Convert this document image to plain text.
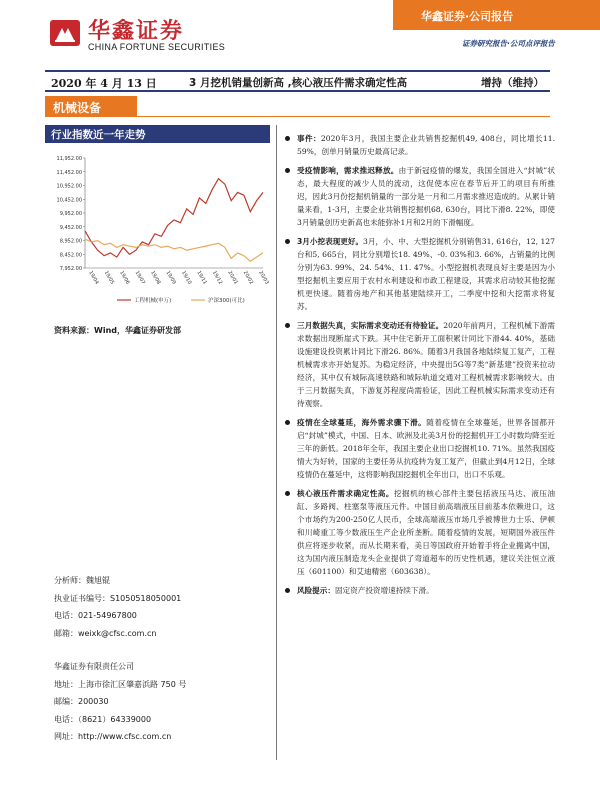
华鑫证券
CHINA FORTUNE SECURITIES
华鑫证券·公司报告
证券研究报告·公司点评报告
2020 年 4 月 13 日	3 月挖机销量创新高 ,核心液压件需求确定性高	增持（维持）
机械设备
行业指数近一年走势
11,952.00
11,452.00
10,952.00
10,452.00
9,952.00
9,452.00
8,952.00
8,452.00
7,952.00
19/04 19/05 19/06 19/07 19/08 19/09 19/10 19/11 19/12 20/01 20/02 20/03
工程机械(申万)	沪深300(可比)
资料来源：Wind，华鑫证券研发部
分析师：魏旭锟
执业证书编号：S1050518050001
电话：021-54967800
邮箱：weixk@cfsc.com.cn
华鑫证券有限责任公司
地址：上海市徐汇区肇嘉浜路 750 号
邮编：200030
电话：（8621）64339000
网址：http://www.cfsc.com.cn
事件：2020年3月，我国主要企业共销售挖掘机49, 408台，同比增长11. 59%，创单月销量历史最高记录。
受疫情影响，需求推迟释放。由于新冠疫情的爆发，我国全国进入“封城”状态，最大程度的减少人员的流动，这促使本应在春节后开工的项目有所推迟，因此3月份挖掘机销量的一部分是一月和二月需求推迟造成的。从累计销量来看，1-3月，主要企业共销售挖掘机68, 630台，同比下滑8. 22%，即使3月销量创历史新高也未能弥补1月和2月的下滑幅度。
3月小挖表现更好。3月，小、中、大型挖掘机分别销售31, 616台，12, 127台和5, 665台，同比分别增长18. 49%、-0. 03%和3. 66%，占销量的比例分别为63. 99%、24. 54%、11. 47%。小型挖掘机表现良好主要是因为小型挖掘机主要应用于农村水利建设和市政工程建设，其需求启动较其他挖掘机更快速。随着房地产和其他基建陆续开工，二季度中挖和大挖需求将复苏。
三月数据失真，实际需求变动还有待验证。2020年前两月，工程机械下游需求数据出现断崖式下跌。其中住宅新开工面积累计同比下滑44. 40%，基础设施建设投资累计同比下滑26. 86%。随着3月我国各地陆续复工复产，工程机械需求亦开始复苏。为稳定经济，中央提出5G等7类“新基建”投资来拉动经济，其中仅有城际高速铁路和城际轨道交通对工程机械需求影响较大。由于三月数据失真，下游复苏程度尚需验证，因此工程机械实际需求变动还有待观察。
疫情在全球蔓延，海外需求骤下滑。随着疫情在全球蔓延，世界各国都开启“封城”模式，中国、日本、欧洲及北美3月份的挖掘机开工小时数均降至近三年的新低。2018年全年，我国主要企业出口挖掘机10. 71%。虽然我国疫情大为好转，国家的主要任务从抗疫转为复工复产，但截止到4月12日，全球疫情仍在蔓延中，这将影响我国挖掘机全年出口，出口不乐观。
核心液压件需求确定性高。挖掘机的核心部件主要包括液压马达、液压油缸、多路阀、柱塞泵等液压元件。中国目前高端液压目前基本依赖进口，这个市场约为200-250亿人民币，全球高端液压市场几乎被博世力士乐、伊顿和川崎重工等少数液压生产企业所垄断。随着疫情的发展，短期国外液压件供应将逐步收紧，而从长期来看，美日等国政府开始着手将企业搬离中国，这为国内液压制造龙头企业提供了弯道超车的历史性机遇，建议关注恒立液压（601100）和艾迪精密（603638）。
风险提示：固定资产投资增速持续下滑。
